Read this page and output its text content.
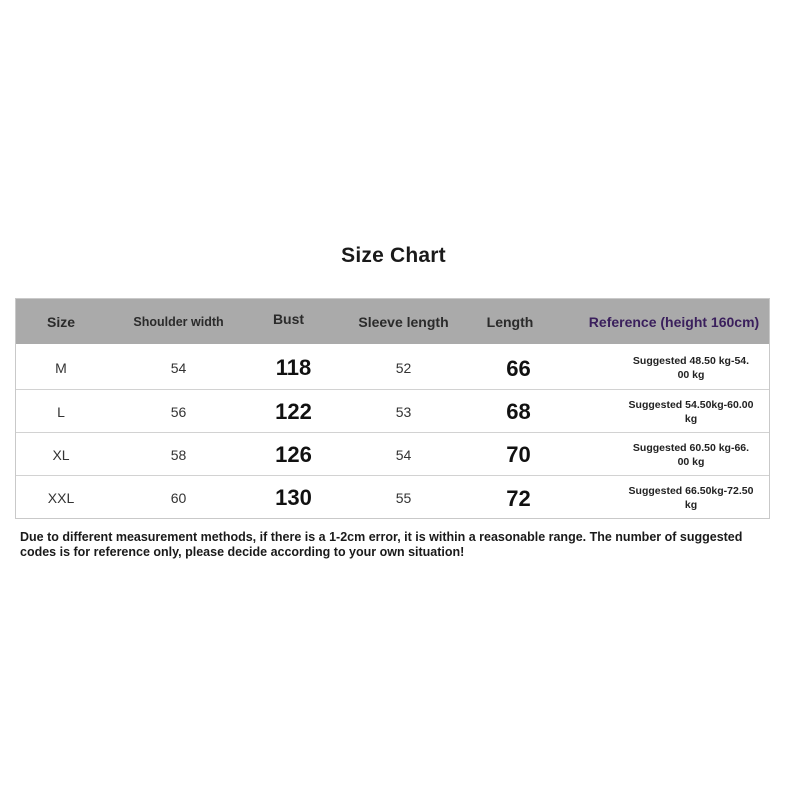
Size Chart
Size	Shoulder width	Bust	Sleeve length	Length	Reference (height 160cm)
M	54	118	52	66	Suggested 48.50 kg-54.
00 kg
L	56	122	53	68	Suggested 54.50kg-60.00
kg
XL	58	126	54	70	Suggested 60.50 kg-66.
00 kg
XXL	60	130	55	72	Suggested 66.50kg-72.50
kg
Due to different measurement methods, if there is a 1-2cm error, it is within a reasonable range. The number of suggested codes is for reference only, please decide according to your own situation!
